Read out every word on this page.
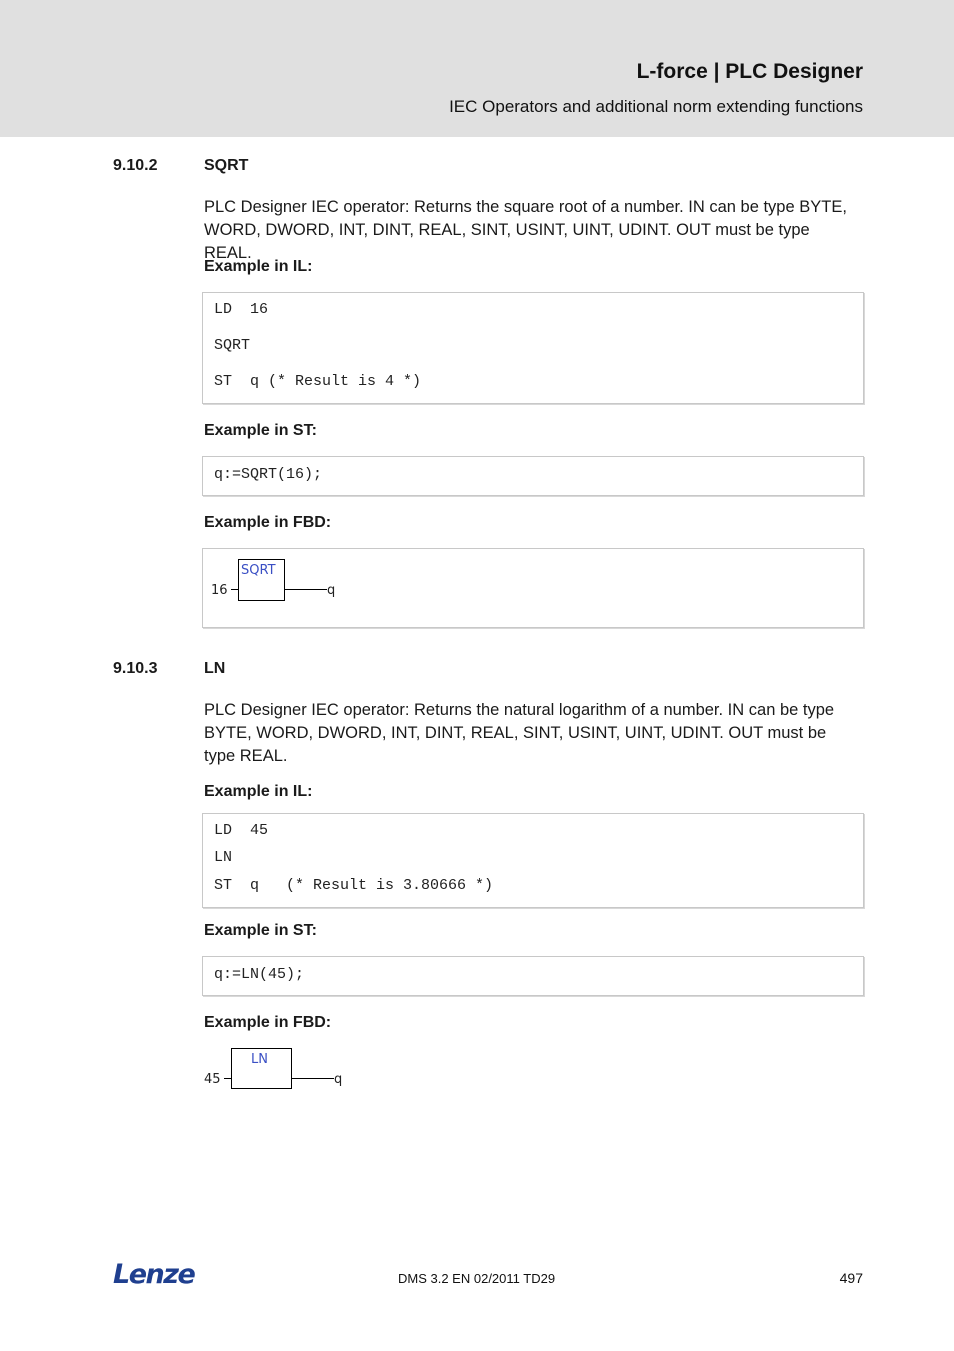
L-force | PLC Designer
IEC Operators and additional norm extending functions
9.10.2	SQRT
PLC Designer IEC operator: Returns the square root of a number. IN can be type BYTE, WORD, DWORD, INT, DINT, REAL, SINT, USINT, UINT, UDINT. OUT must be type REAL.
Example in IL:
LD  16
SQRT
ST  q (* Result is 4 *)
Example in ST:
q:=SQRT(16);
Example in FBD:
SQRT
16	q
9.10.3	LN
PLC Designer IEC operator: Returns the natural logarithm of a number. IN can be type BYTE, WORD, DWORD, INT, DINT, REAL, SINT, USINT, UINT, UDINT. OUT must be type REAL.
Example in IL:
LD  45
LN
ST  q   (* Result is 3.80666 *)
Example in ST:
q:=LN(45);
Example in FBD:
LN
45	q
Lenze	DMS 3.2 EN 02/2011 TD29	497
